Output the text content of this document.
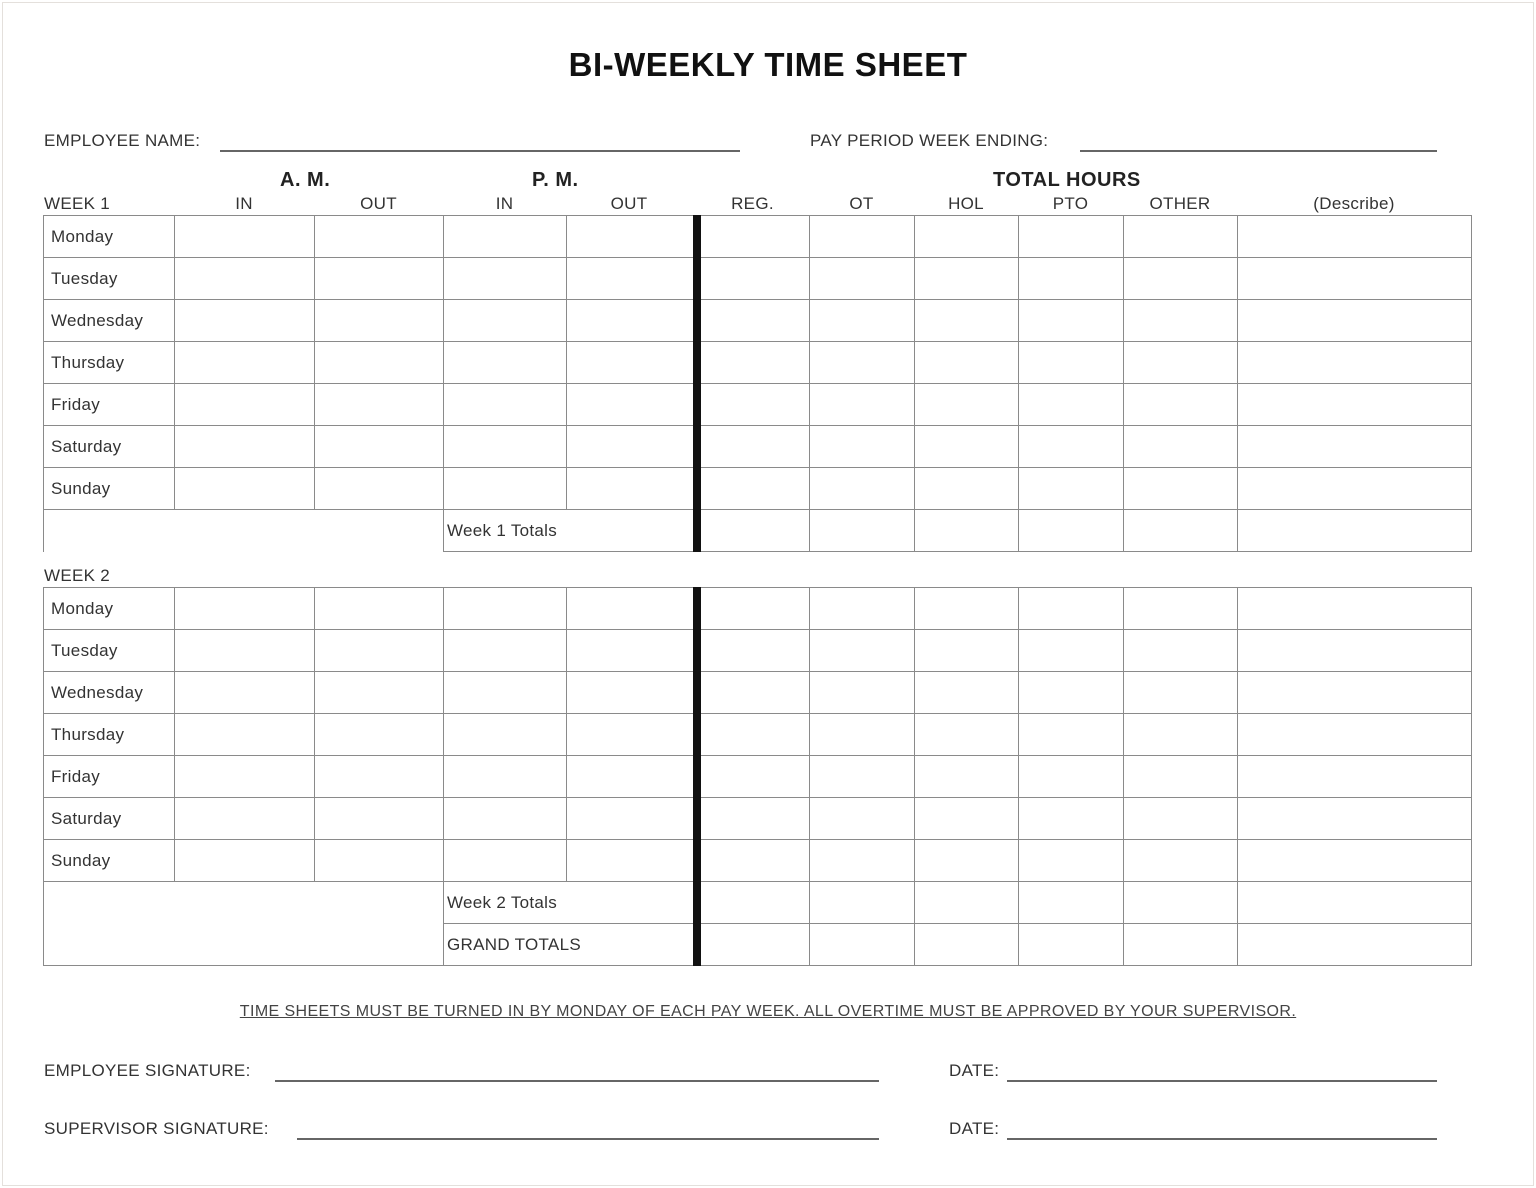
BI-WEEKLY TIME SHEET
EMPLOYEE NAME:	PAY PERIOD WEEK ENDING:
A. M.	P. M.	TOTAL HOURS
WEEK 1	IN	OUT	IN	OUT	REG.	OT	HOL	PTO	OTHER	(Describe)
Monday										
Tuesday										
Wednesday										
Thursday										
Friday										
Saturday										
Sunday										
			Week 1 Totals							
WEEK 2
Monday										
Tuesday										
Wednesday										
Thursday										
Friday										
Saturday										
Sunday										
			Week 2 Totals							
			GRAND TOTALS							
TIME SHEETS MUST BE TURNED IN BY MONDAY OF EACH PAY WEEK. ALL OVERTIME MUST BE APPROVED BY YOUR SUPERVISOR.
EMPLOYEE SIGNATURE:	DATE:
SUPERVISOR SIGNATURE:	DATE:
